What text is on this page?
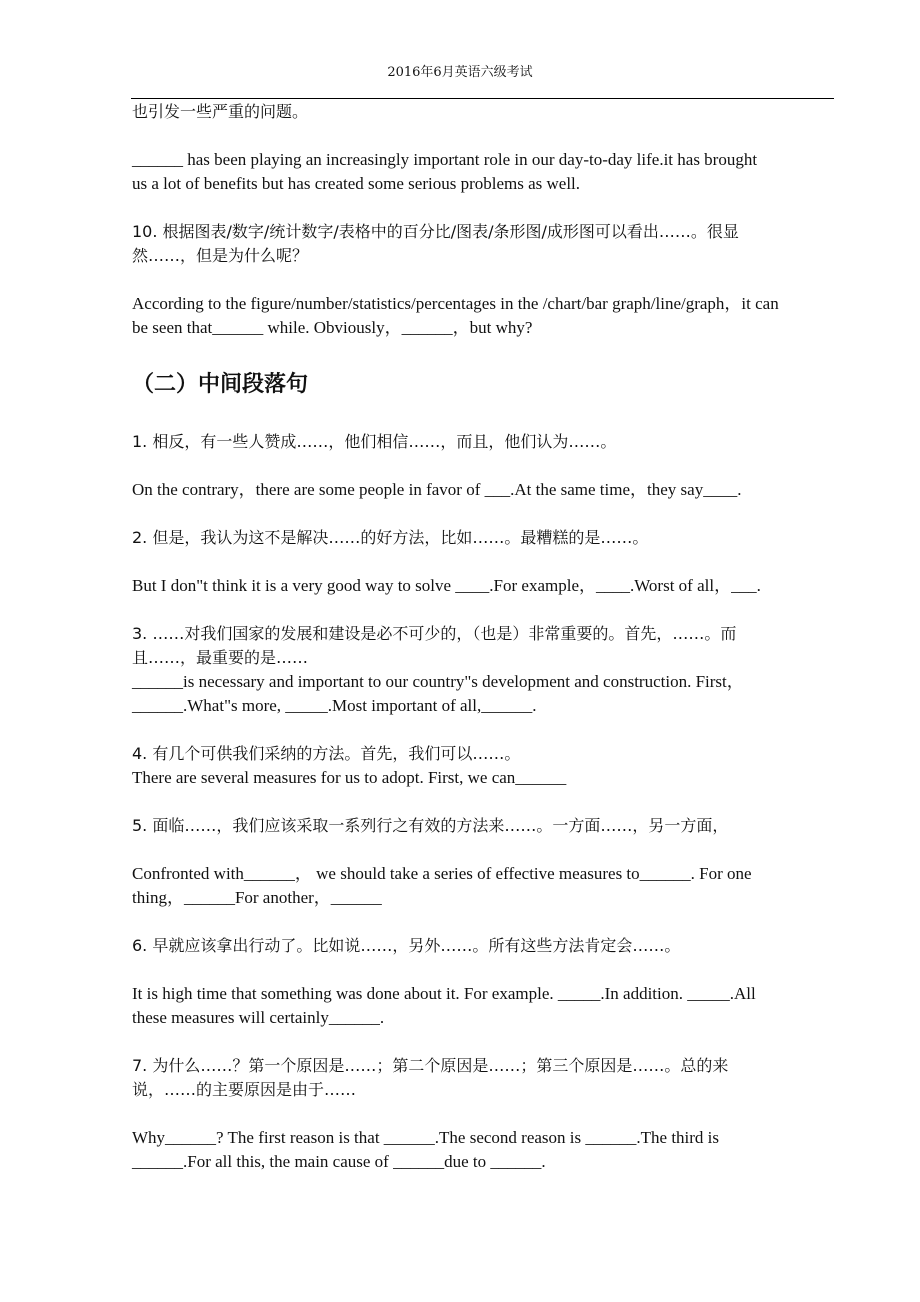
2016年6月英语六级考试

也引发一些严重的问题。

______ has been playing an increasingly important role in our day-to-day life.it has brought

us a lot of benefits but has created some serious problems as well.

10. 根据图表/数字/统计数字/表格中的百分比/图表/条形图/成形图可以看出……。很显

然……，但是为什么呢？

According to the figure/number/statistics/percentages in the /chart/bar graph/line/graph，it can

be seen that______ while. Obviously，______，but why?

（二）中间段落句

1. 相反，有一些人赞成……，他们相信……，而且，他们认为……。

On the contrary，there are some people in favor of ___.At the same time，they say____.

2. 但是，我认为这不是解决……的好方法，比如……。最糟糕的是……。

But I don"t think it is a very good way to solve ____.For example，____.Worst of all，___.

3. ……对我们国家的发展和建设是必不可少的，（也是）非常重要的。首先，……。而

且……，最重要的是……

______is necessary and important to our country"s development and construction. First，

______.What"s more, _____.Most important of all,______.

4. 有几个可供我们采纳的方法。首先，我们可以……。

There are several measures for us to adopt. First, we can______

5. 面临……，我们应该采取一系列行之有效的方法来……。一方面……，另一方面，

Confronted with______， we should take a series of effective measures to______. For one

thing，______For another，______

6. 早就应该拿出行动了。比如说……，另外……。所有这些方法肯定会……。

It is high time that something was done about it. For example. _____.In addition. _____.All

these measures will certainly______.

7. 为什么……？第一个原因是……；第二个原因是……；第三个原因是……。总的来

说，……的主要原因是由于……

Why______? The first reason is that ______.The second reason is ______.The third is

______.For all this, the main cause of ______due to ______.
